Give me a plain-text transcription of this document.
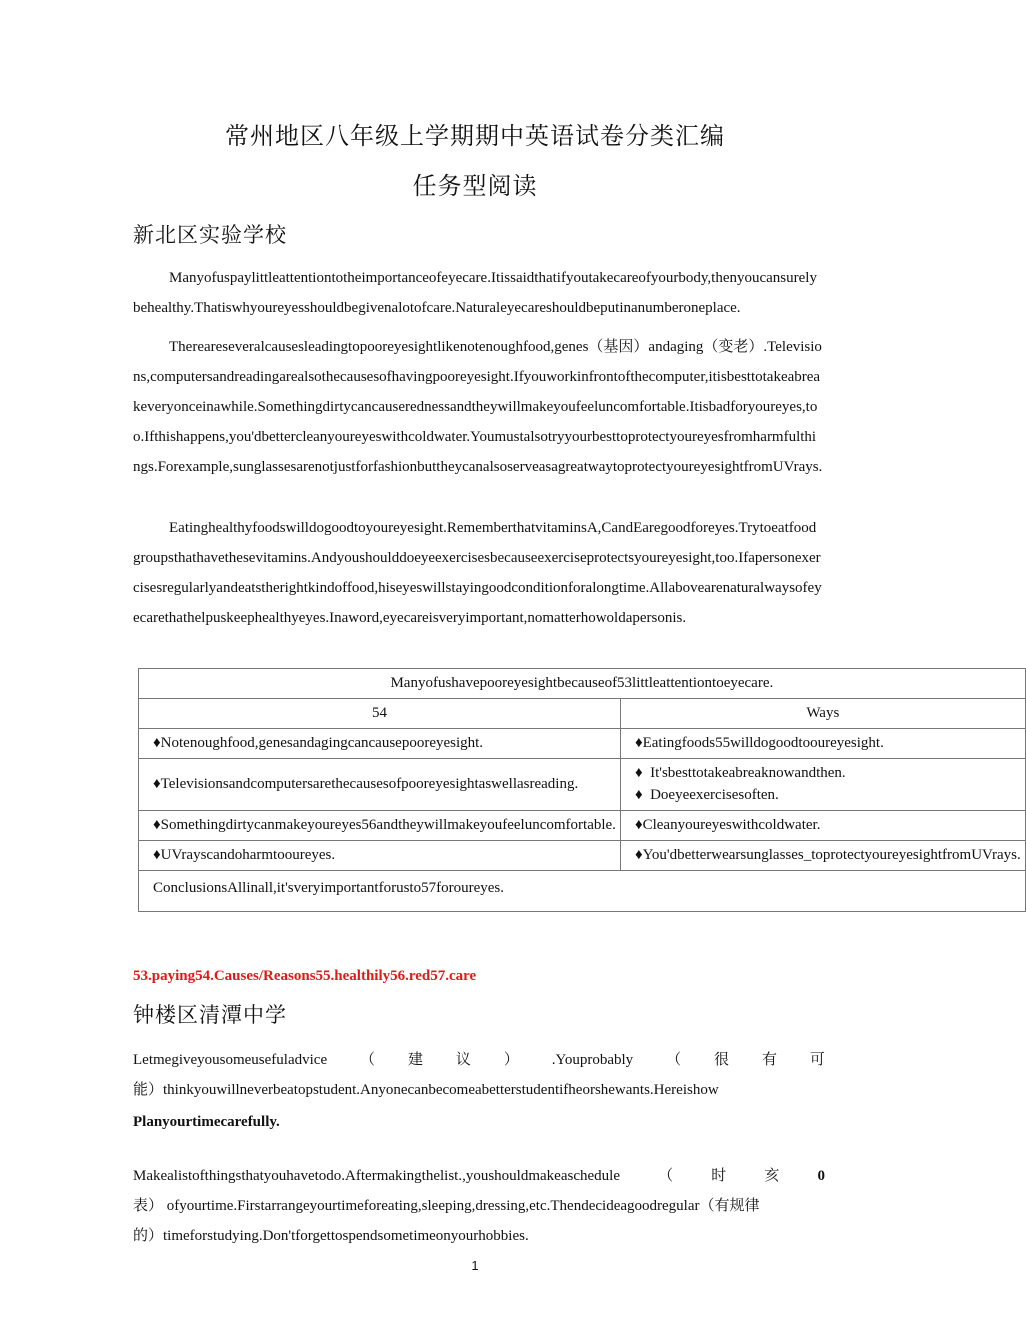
常州地区八年级上学期期中英语试卷分类汇编
任务型阅读
新北区实验学校

Manyofuspaylittleattentiontotheimportanceofeyecare.Itissaidthatifyoutakecareofyourbody,thenyoucansurelybehealthy.Thatiswhyoureyesshouldbegivenalotofcare.Naturaleyecareshouldbeputinanumberoneplace.

Thereareseveralcausesleadingtopooreyesightlikenotenoughfood,genes（基因）andaging（变老）.Televisions,computersandreadingarealsothecausesofhavingpooreyesight.Ifyouworkinfrontofthecomputer,itisbesttotakeabreakeveryonceinawhile.Somethingdirtycancauserednessandtheywillmakeyoufeeluncomfortable.Itisbadforyoureyes,too.Ifthishappens,you'dbettercleanyoureyeswithcoldwater.Youmustalsotryyourbesttoprotectyoureyesfromharmfulthings.Forexample,sunglassesarenotjustforfashionbuttheycanalsoserveasagreatwaytoprotectyoureyesightfromUVrays.

Eatinghealthyfoodswilldogoodtoyoureyesight.RememberthatvitaminsA,CandEaregoodforeyes.Trytoeatfoodgroupsthathavethesevitamins.Andyoushoulddoeyeexercisesbecauseexerciseprotectsyoureyesight,too.Ifapersonexercisesregularlyandeatstherightkindoffood,hiseyeswillstayingoodconditionforalongtime.Allabovearenaturalwaysofeyecarethathelpuskeephealthyeyes.Inaword,eyecareisveryimportant,nomatterhowoldapersonis.

Manyofushavepooreyesightbecauseof53littleattentiontoeyecare.	
54	Ways
♦Notenoughfood,genesandagingcancausepooreyesight.	♦Eatingfoods55willdogoodtooureyesight.
♦Televisionsandcomputersarethecausesofpooreyesightaswellasreading.	♦ It'sbesttotakeabreaknowandthen.
♦ Doeyeexercisesoften.

♦Somethingdirtycanmakeyoureyes56andtheywillmakeyoufeeluncomfortable.	♦Cleanyoureyeswithcoldwater.
♦UVrayscandoharmtooureyes.	♦You'dbetterwearsunglasses_toprotectyoureyesightfromUVrays.
ConclusionsAllinall,it'sveryimportantforusto57foroureyes.	
53.paying54.Causes/Reasons55.healthily56.red57.care
钟楼区清潭中学
Letmegiveyousomeusefuladvice （ 建 议 ） .Youprobably （ 很 有 可
能）thinkyouwillneverbeatopstudent.Anyonecanbecomeabetterstudentifheorshewants.Hereishow
Planyourtimecarefully.
Makealistofthingsthatyouhavetodo.Aftermakingthelist.,youshouldmakeaschedule	（	时	亥	0
表） ofyourtime.Firstarrangeyourtimeforeating,sleeping,dressing,etc.Thendecideagoodregular（有规律
的）timeforstudying.Don'tforgettospendsometimeonyourhobbies.
1
